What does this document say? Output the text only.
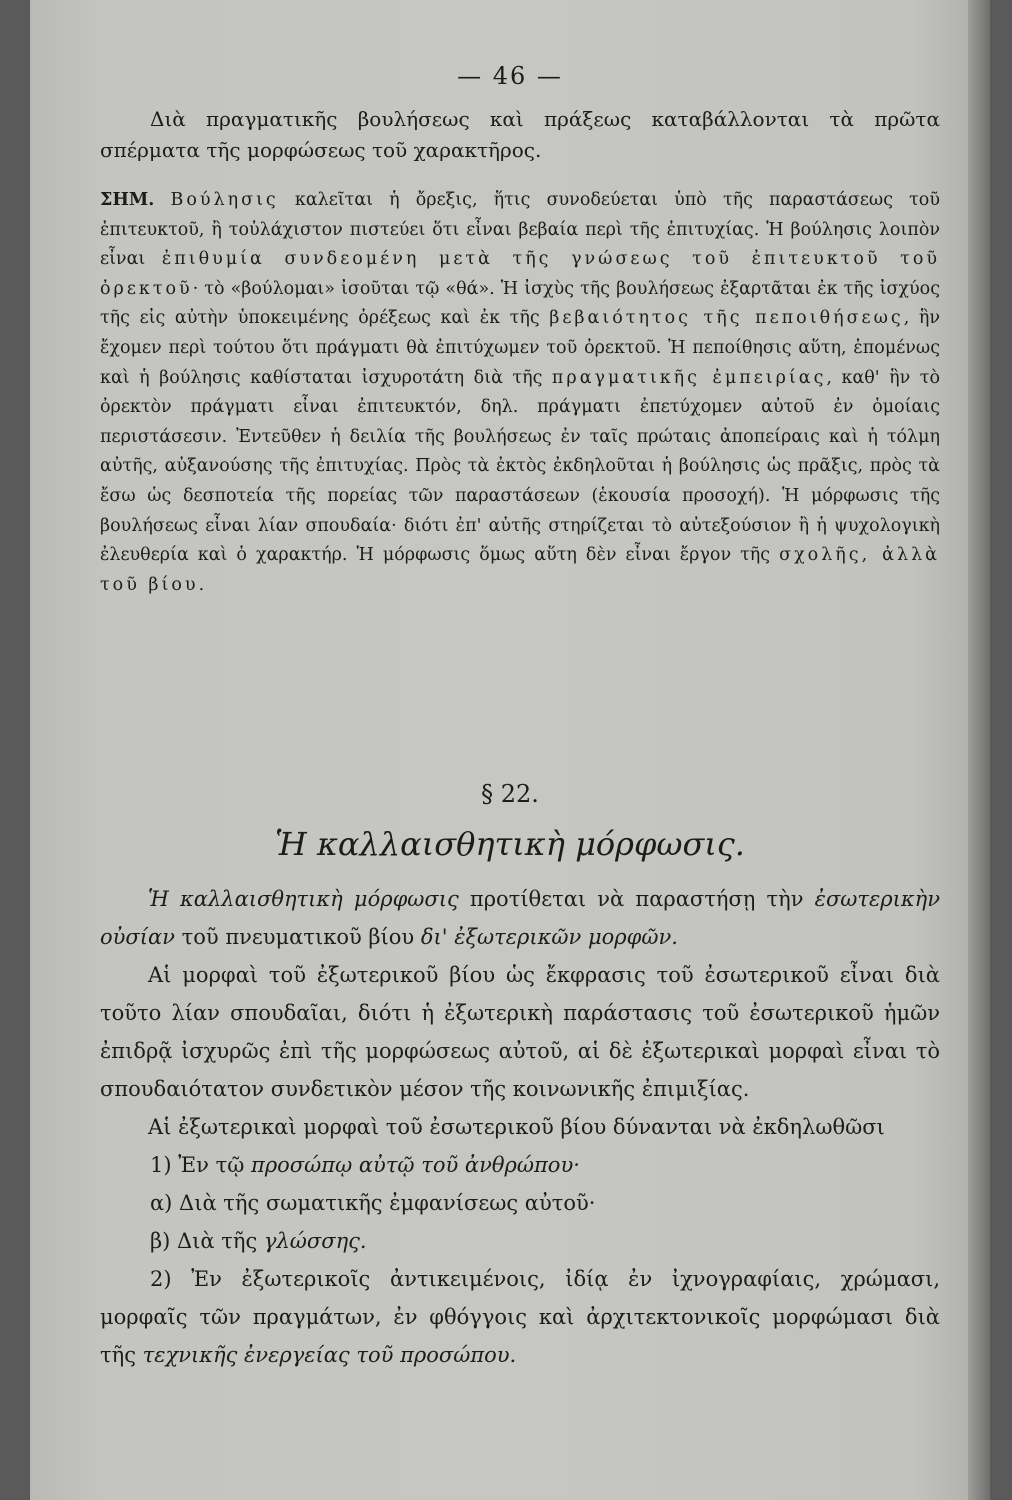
— 46 —
Διὰ πραγματικῆς βουλήσεως καὶ πράξεως καταβάλλονται τὰ πρῶτα σπέρματα τῆς μορφώσεως τοῦ χαρακτῆρος.
ΣΗΜ. Βούλησις καλεῖται ἡ ὄρεξις, ἥτις συνοδεύεται ὑπὸ τῆς παραστάσεως τοῦ ἐπιτευκτοῦ, ἢ τοὐλάχιστον πιστεύει ὅτι εἶναι βεβαία περὶ τῆς ἐπιτυχίας. Ἡ βούλησις λοιπὸν εἶναι ἐπιθυμία συνδεομένη μετὰ τῆς γνώσεως τοῦ ἐπιτευκτοῦ τοῦ ὀρεκτοῦ· τὸ «βούλομαι» ἰσοῦται τῷ «θά». Ἡ ἰσχὺς τῆς βουλήσεως ἐξαρτᾶται ἐκ τῆς ἰσχύος τῆς εἰς αὐτὴν ὑποκειμένης ὀρέξεως καὶ ἐκ τῆς βεβαιότητος τῆς πεποιθήσεως, ἣν ἔχομεν περὶ τούτου ὅτι πράγματι θὰ ἐπιτύχωμεν τοῦ ὀρεκτοῦ. Ἡ πεποίθησις αὕτη, ἑπομένως καὶ ἡ βούλησις καθίσταται ἰσχυροτάτη διὰ τῆς πραγματικῆς ἐμπειρίας, καθ' ἣν τὸ ὀρεκτὸν πράγματι εἶναι ἐπιτευκτόν, δηλ. πράγματι ἐπετύχομεν αὐτοῦ ἐν ὁμοίαις περιστάσεσιν. Ἐντεῦθεν ἡ δειλία τῆς βουλήσεως ἐν ταῖς πρώταις ἀποπείραις καὶ ἡ τόλμη αὐτῆς, αὐξανούσης τῆς ἐπιτυχίας. Πρὸς τὰ ἐκτὸς ἐκδηλοῦται ἡ βούλησις ὡς πρᾶξις, πρὸς τὰ ἔσω ὡς δεσποτεία τῆς πορείας τῶν παραστάσεων (ἑκουσία προσοχή). Ἡ μόρφωσις τῆς βουλήσεως εἶναι λίαν σπουδαία· διότι ἐπ' αὐτῆς στηρίζεται τὸ αὐτεξούσιον ἢ ἡ ψυχολογικὴ ἐλευθερία καὶ ὁ χαρακτήρ. Ἡ μόρφωσις ὅμως αὕτη δὲν εἶναι ἔργον τῆς σχολῆς, ἀλλὰ τοῦ βίου.
§ 22.
Ἡ καλλαισθητικὴ μόρφωσις.

Ἡ καλλαισθητικὴ μόρφωσις προτίθεται νὰ παραστήσῃ τὴν ἐσωτερικὴν οὐσίαν τοῦ πνευματικοῦ βίου δι' ἐξωτερικῶν μορφῶν.

Αἱ μορφαὶ τοῦ ἐξωτερικοῦ βίου ὡς ἔκφρασις τοῦ ἐσωτερικοῦ εἶναι διὰ τοῦτο λίαν σπουδαῖαι, διότι ἡ ἐξωτερικὴ παράστασις τοῦ ἐσωτερικοῦ ἡμῶν ἐπιδρᾷ ἰσχυρῶς ἐπὶ τῆς μορφώσεως αὐτοῦ, αἱ δὲ ἐξωτερικαὶ μορφαὶ εἶναι τὸ σπουδαιότατον συνδετικὸν μέσον τῆς κοινωνικῆς ἐπιμιξίας.

Αἱ ἐξωτερικαὶ μορφαὶ τοῦ ἐσωτερικοῦ βίου δύνανται νὰ ἐκδηλωθῶσι

1) Ἐν τῷ προσώπῳ αὐτῷ τοῦ ἀνθρώπου·

α) Διὰ τῆς σωματικῆς ἐμφανίσεως αὐτοῦ·

β) Διὰ τῆς γλώσσης.

2) Ἐν ἐξωτερικοῖς ἀντικειμένοις, ἰδίᾳ ἐν ἰχνογραφίαις, χρώμασι, μορφαῖς τῶν πραγμάτων, ἐν φθόγγοις καὶ ἀρχιτεκτονικοῖς μορφώμασι διὰ τῆς τεχνικῆς ἐνεργείας τοῦ προσώπου.
